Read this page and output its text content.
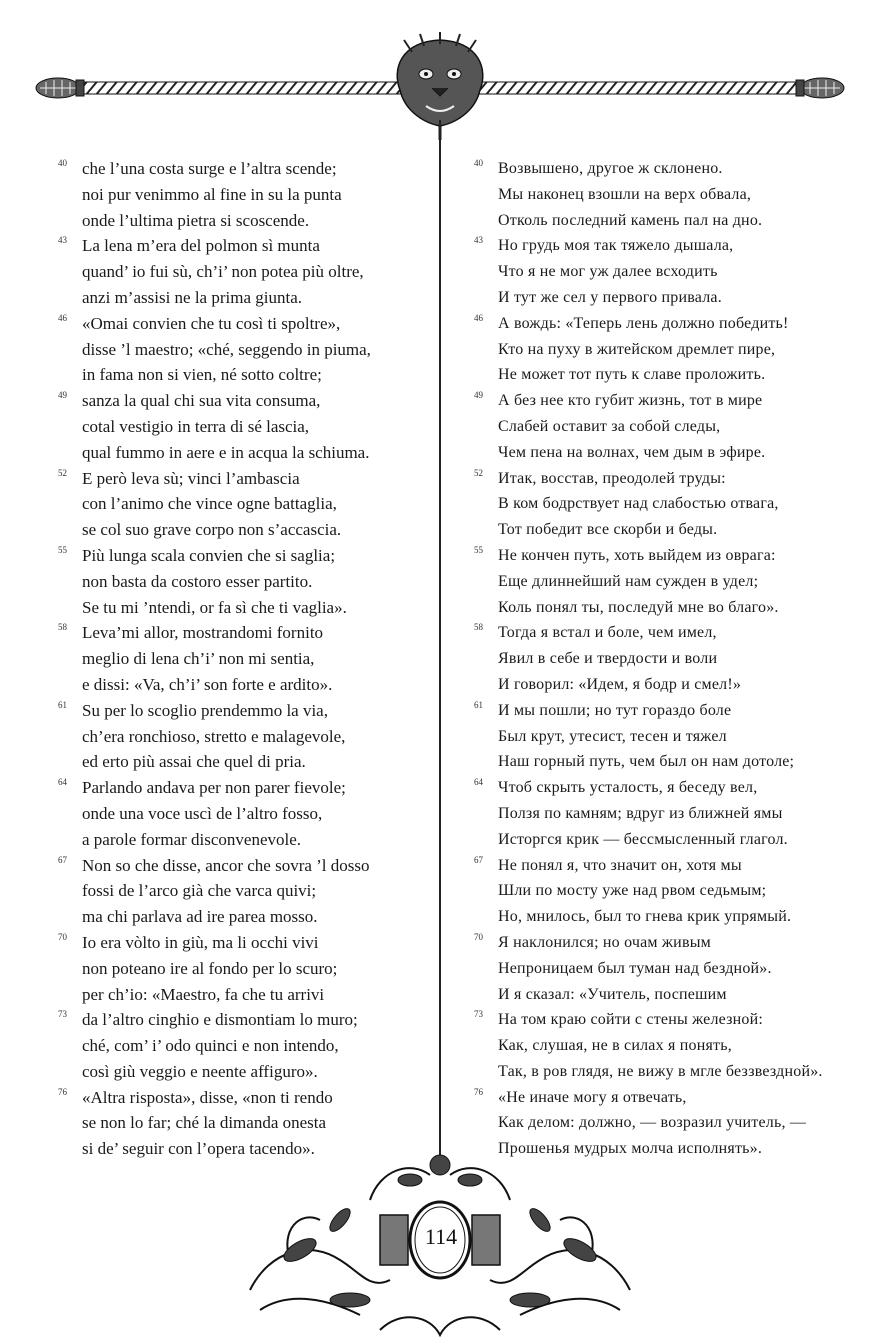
40 che l’una costa surge e l’altra scende;
noi pur venimmo al fine in su la punta
onde l’ultima pietra si scoscende.
43 La lena m’era del polmon sì munta
quand’ io fui sù, ch’i’ non potea più oltre,
anzi m’assisi ne la prima giunta.
46 «Omai convien che tu così ti spoltre»,
disse ’l maestro; «ché, seggendo in piuma,
in fama non si vien, né sotto coltre;
49 sanza la qual chi sua vita consuma,
cotal vestigio in terra di sé lascia,
qual fummo in aere e in acqua la schiuma.
52 E però leva sù; vinci l’ambascia
con l’animo che vince ogne battaglia,
se col suo grave corpo non s’accascia.
55 Più lunga scala convien che si saglia;
non basta da costoro esser partito.
Se tu mi ’ntendi, or fa sì che ti vaglia».
58 Leva’mi allor, mostrandomi fornito
meglio di lena ch’i’ non mi sentia,
e dissi: «Va, ch’i’ son forte e ardito».
61 Su per lo scoglio prendemmo la via,
ch’era ronchioso, stretto e malagevole,
ed erto più assai che quel di pria.
64 Parlando andava per non parer fievole;
onde una voce uscì de l’altro fosso,
a parole formar disconvenevole.
67 Non so che disse, ancor che sovra ’l dosso
fossi de l’arco già che varca quivi;
ma chi parlava ad ire parea mosso.
70 Io era vòlto in giù, ma li occhi vivi
non poteano ire al fondo per lo scuro;
per ch’io: «Maestro, fa che tu arrivi
73 da l’altro cinghio e dismontiam lo muro;
ché, com’ i’ odo quinci e non intendo,
così giù veggio e neente affiguro».
76 «Altra risposta», disse, «non ti rendo
se non lo far; ché la dimanda onesta
si de’ seguir con l’opera tacendo».
40 Возвышено, другое ж склонено.
Мы наконец взошли на верх обвала,
Отколь последний камень пал на дно.
43 Но грудь моя так тяжело дышала,
Что я не мог уж далее всходить
И тут же сел у первого привала.
46 А вождь: «Теперь лень должно победить!
Кто на пуху в житейском дремлет пире,
Не может тот путь к славе проложить.
49 А без нее кто губит жизнь, тот в мире
Слабей оставит за собой следы,
Чем пена на волнах, чем дым в эфире.
52 Итак, восстав, преодолей труды:
В ком бодрствует над слабостью отвага,
Тот победит все скорби и беды.
55 Не кончен путь, хоть выйдем из оврага:
Еще длиннейший нам сужден в удел;
Коль понял ты, последуй мне во благо».
58 Тогда я встал и боле, чем имел,
Явил в себе и твердости и воли
И говорил: «Идем, я бодр и смел!»
61 И мы пошли; но тут гораздо боле
Был крут, утесист, тесен и тяжел
Наш горный путь, чем был он нам дотоле;
64 Чтоб скрыть усталость, я беседу вел,
Ползя по камням; вдруг из ближней ямы
Исторгся крик — бессмысленный глагол.
67 Не понял я, что значит он, хотя мы
Шли по мосту уже над рвом седьмым;
Но, мнилось, был то гнева крик упрямый.
70 Я наклонился; но очам живым
Непроницаем был туман над бездной».
И я сказал: «Учитель, поспешим
73 На том краю сойти с стены железной:
Как, слушая, не в силах я понять,
Так, в ров глядя, не вижу в мгле беззвездной».
76 «Не иначе могу я отвечать,
Как делом: должно, — возразил учитель, —
Прошенья мудрых молча исполнять».
114
